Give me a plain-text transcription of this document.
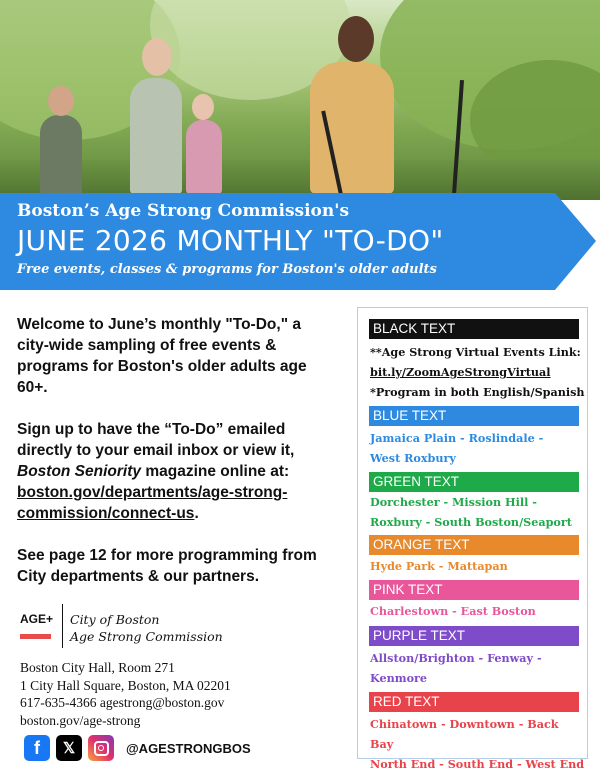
Boston’s Age Strong Commission's
JUNE 2026 MONTHLY "TO-DO"
Free events, classes & programs for Boston's older adults

Welcome to June’s monthly "To-Do," a city-wide sampling of free events & programs for Boston's older adults age 60+.

Sign up to have the “To-Do” emailed directly to your email inbox or view it, Boston Seniority magazine online at: boston.gov/departments/age-strong-commission/connect-us.

See page 12 for more programming from City departments & our partners.

AGE+ City of Boston
Age Strong Commission
Boston City Hall, Room 271
1 City Hall Square, Boston, MA 02201
617-635-4366 agestrong@boston.gov
boston.gov/age-strong
f	𝕏	@AGESTRONGBOS
BLACK TEXT
**Age Strong Virtual Events Link:
bit.ly/ZoomAgeStrongVirtual
*Program in both English/Spanish
BLUE TEXT
Jamaica Plain - Roslindale -
West Roxbury
GREEN TEXT
Dorchester - Mission Hill -
Roxbury - South Boston/Seaport
ORANGE TEXT
Hyde Park - Mattapan
PINK TEXT
Charlestown - East Boston
PURPLE TEXT
Allston/Brighton - Fenway -
Kenmore
RED TEXT
Chinatown - Downtown - Back Bay
North End - South End - West End
